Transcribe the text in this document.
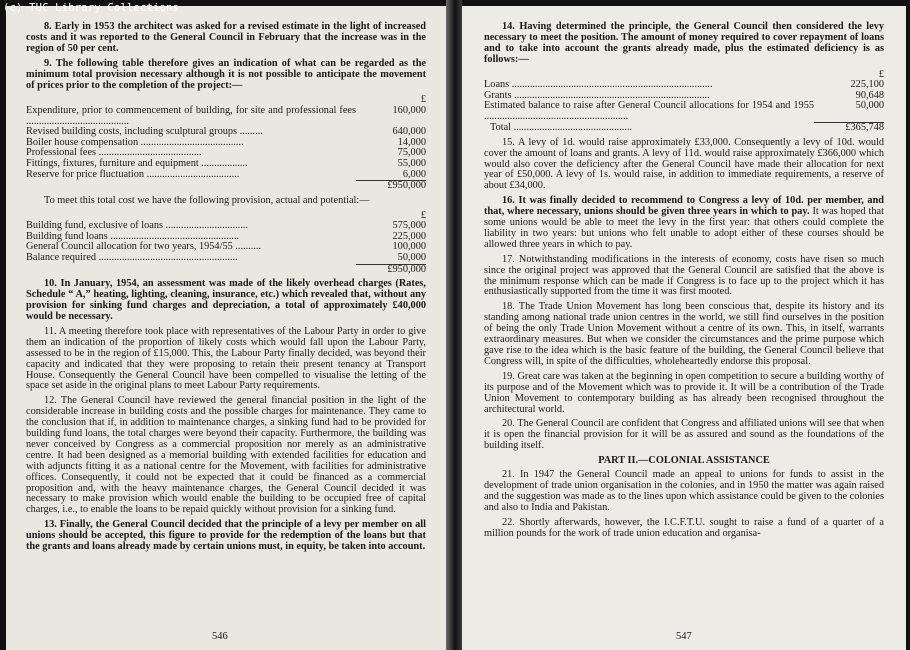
(c) TUC Library Collections

8. Early in 1953 the architect was asked for a revised estimate in the light of increased costs and it was reported to the General Council in February that the increase was in the region of 50 per cent.

9. The following table therefore gives an indication of what can be regarded as the minimum total provision necessary although it is not possible to anticipate the movement of prices prior to the completion of the project:—

	£
Expenditure, prior to commencement of building, for site and professional fees ........................................	160,000
Revised building costs, including sculptural groups .........	640,000
Boiler house compensation ........................................	14,000
Professional fees ........................................	75,000
Fittings, fixtures, furniture and equipment ..................	55,000
Reserve for price fluctuation ....................................	6,000
	£950,000

To meet this total cost we have the following provision, actual and potential:—

	£
Building fund, exclusive of loans ................................	575,000
Building fund loans ..................................................	225,000
General Council allocation for two years, 1954/55 ..........	100,000
Balance required ......................................................	50,000
	£950,000

10. In January, 1954, an assessment was made of the likely overhead charges (Rates, Schedule “ A,” heating, lighting, cleaning, insurance, etc.) which revealed that, without any provision for sinking fund charges and depreciation, a total of approximately £40,000 would be necessary.

11. A meeting therefore took place with representatives of the Labour Party in order to give them an indication of the proportion of likely costs which would fall upon the Labour Party, assessed to be in the region of £15,000. This, the Labour Party finally decided, was beyond their capacity and indicated that they were proposing to retain their present tenancy at Transport House. Consequently the General Council have been compelled to visualise the letting of the space set aside in the original plans to meet Labour Party requirements.

12. The General Council have reviewed the general financial position in the light of the considerable increase in building costs and the possible charges for maintenance. They came to the conclusion that if, in addition to maintenance charges, a sinking fund had to be provided for building fund loans, the total charges were beyond their capacity. Furthermore, the building was never conceived by Congress as a commercial proposition nor merely as an administrative centre. It had been designed as a memorial building with extended facilities for education and with adjuncts fitting it as a national centre for the Movement, with facilities for administrative offices. Consequently, it could not be expected that it could be financed as a commercial proposition and, with the heavy maintenance charges, the General Council decided it was necessary to make provision which would enable the building to be occupied free of capital charges, i.e., to enable the loans to be repaid quickly without provision for a sinking fund.

13. Finally, the General Council decided that the principle of a levy per member on all unions should be accepted, this figure to provide for the redemption of the loans but that the grants and loans already made by certain unions must, in equity, be taken into account.

546

14. Having determined the principle, the General Council then considered the levy necessary to meet the position. The amount of money required to cover repayment of loans and to take into account the grants already made, plus the estimated deficiency is as follows:—

	£
Loans ..............................................................................	225,100
Grants ............................................................................	90,648
Estimated balance to raise after General Council allocations for 1954 and 1955 ........................................................	50,000
Total ..............................................	£365,748

15. A levy of 1d. would raise approximately £33,000. Consequently a levy of 10d. would cover the amount of loans and grants. A levy of 11d. would raise approximately £366,000 which would also cover the deficiency after the General Council have made their allocation for next year of £50,000. A levy of 1s. would raise, in addition to immediate requirements, a reserve of about £34,000.

16. It was finally decided to recommend to Congress a levy of 10d. per member, and that, where necessary, unions should be given three years in which to pay. It was hoped that some unions would be able to meet the levy in the first year: that others could complete the liability in two years: but unions who felt unable to adopt either of these courses should be allowed three years in which to pay.

17. Notwithstanding modifications in the interests of economy, costs have risen so much since the original project was approved that the General Council are satisfied that the above is the minimum response which can be made if Congress is to face up to the project which it has enthusiastically supported from the time it was first mooted.

18. The Trade Union Movement has long been conscious that, despite its history and its standing among national trade union centres in the world, we still find ourselves in the position of being the only Trade Union Movement without a centre of its own. This, in itself, warrants extraordinary measures. But when we consider the circumstances and the prime purpose which gave rise to the idea which is the basic feature of the building, the General Council believe that Congress will, in spite of the difficulties, wholeheartedly endorse this proposal.

19. Great care was taken at the beginning in open competition to secure a building worthy of its purpose and of the Movement which was to provide it. It will be a contribution of the Trade Union Movement to contemporary building as has already been recognised throughout the architectural world.

20. The General Council are confident that Congress and affiliated unions will see that when it is open the financial provision for it will be as assured and sound as the foundations of the building itself.

PART II.—COLONIAL ASSISTANCE

21. In 1947 the General Council made an appeal to unions for funds to assist in the development of trade union organisation in the colonies, and in 1950 the matter was again raised and the suggestion was made as to the lines upon which assistance could be given to the colonies and also to India and Pakistan.

22. Shortly afterwards, however, the I.C.F.T.U. sought to raise a fund of a quarter of a million pounds for the work of trade union education and organisa-

547
